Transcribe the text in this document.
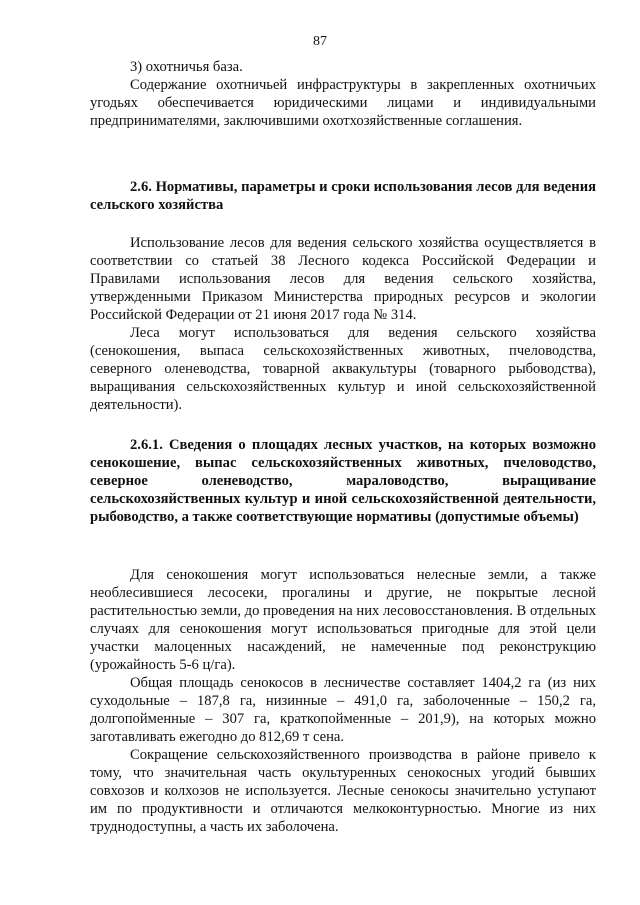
87

3) охотничья база.

Содержание охотничьей инфраструктуры в закрепленных охотничьих угодьях обеспечивается юридическими лицами и индивидуальными предпринимателями, заключившими охотхозяйственные соглашения.

2.6. Нормативы, параметры и сроки использования лесов для ведения сельского хозяйства

Использование лесов для ведения сельского хозяйства осуществляется в соответствии со статьей 38 Лесного кодекса Российской Федерации и Правилами использования лесов для ведения сельского хозяйства, утвержденными Приказом Министерства природных ресурсов и экологии Российской Федерации от 21 июня 2017 года № 314.

Леса могут использоваться для ведения сельского хозяйства (сенокошения, выпаса сельскохозяйственных животных, пчеловодства, северного оленеводства, товарной аквакультуры (товарного рыбоводства), выращивания сельскохозяйственных культур и иной сельскохозяйственной деятельности).

2.6.1. Сведения о площадях лесных участков, на которых возможно сенокошение, выпас сельскохозяйственных животных, пчеловодство, северное оленеводство, мараловодство, выращивание сельскохозяйственных культур и иной сельскохозяйственной деятельности, рыбоводство, а также соответствующие нормативы (допустимые объемы)

Для сенокошения могут использоваться нелесные земли, а также необлесившиеся лесосеки, прогалины и другие, не покрытые лесной растительностью земли, до проведения на них лесовосстановления. В отдельных случаях для сенокошения могут использоваться пригодные для этой цели участки малоценных насаждений, не намеченные под реконструкцию (урожайность 5-6 ц/га).

Общая площадь сенокосов в лесничестве составляет 1404,2 га (из них суходольные – 187,8 га, низинные – 491,0 га, заболоченные – 150,2 га, долгопойменные – 307 га, краткопойменные – 201,9), на которых можно заготавливать ежегодно до 812,69 т сена.

Сокращение сельскохозяйственного производства в районе привело к тому, что значительная часть окультуренных сенокосных угодий бывших совхозов и колхозов не используется. Лесные сенокосы значительно уступают им по продуктивности и отличаются мелкоконтурностью. Многие из них труднодоступны, а часть их заболочена.
